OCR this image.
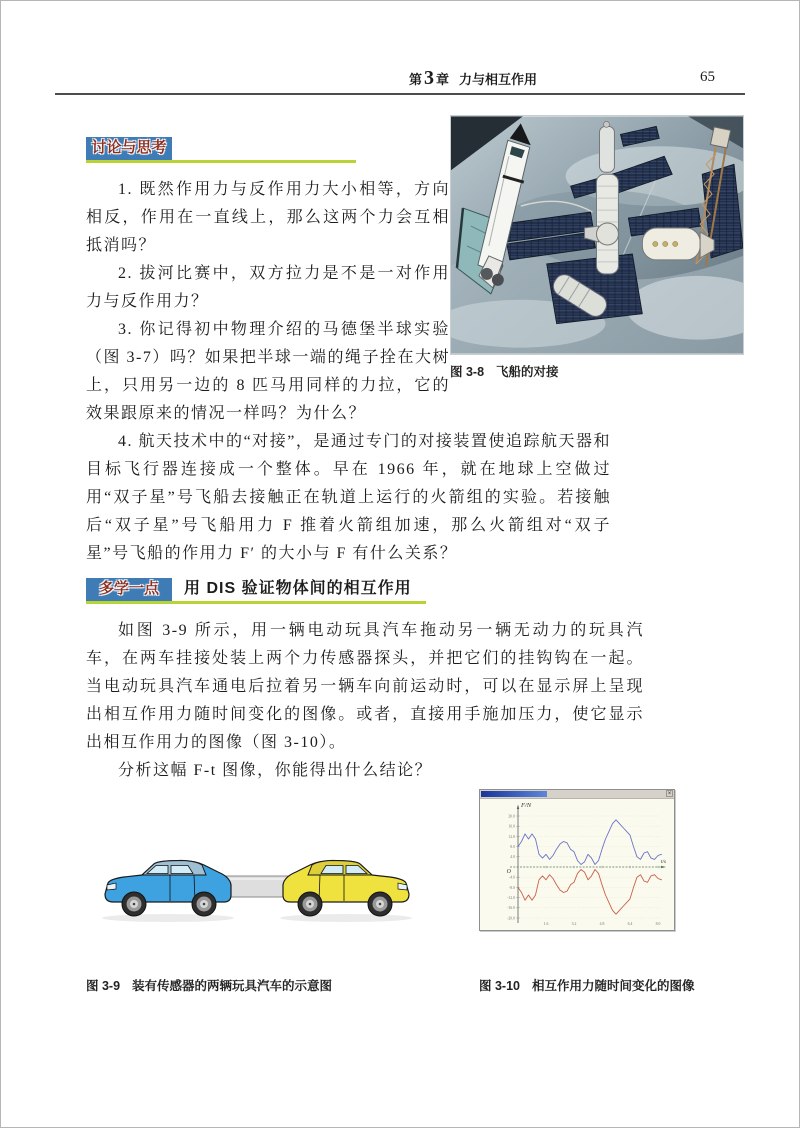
第 3 章 力与相互作用	65
讨论与思考

1. 既然作用力与反作用力大小相等，方向相反，作用在一直线上，那么这两个力会互相抵消吗？

2. 拔河比赛中，双方拉力是不是一对作用力与反作用力？

3. 你记得初中物理介绍的马德堡半球实验（图 3-7）吗？如果把半球一端的绳子拴在大树上，只用另一边的 8 匹马用同样的力拉，它的效果跟原来的情况一样吗？为什么？

图 3-8 飞船的对接

4. 航天技术中的“对接”，是通过专门的对接装置使追踪航天器和目标飞行器连接成一个整体。早在 1966 年，就在地球上空做过用“双子星”号飞船去接触正在轨道上运行的火箭组的实验。若接触后“双子星”号飞船用力 F 推着火箭组加速，那么火箭组对“双子星”号飞船的作用力 F′ 的大小与 F 有什么关系？

多学一点	用 DIS 验证物体间的相互作用

如图 3-9 所示，用一辆电动玩具汽车拖动另一辆无动力的玩具汽车，在两车挂接处装上两个力传感器探头，并把它们的挂钩钩在一起。当电动玩具汽车通电后拉着另一辆车向前运动时，可以在显示屏上呈现出相互作用力随时间变化的图像。或者，直接用手施加压力，使它显示出相互作用力的图像（图 3-10）。

分析这幅 F-t 图像，你能得出什么结论？

×
F/N
t/s
O
20.0
16.0
12.0
8.0
4.0
-4.0
-8.0
-12.0
-16.0
-20.0
1.6	3.2	4.8	6.4	8.0
图 3-9 装有传感器的两辆玩具汽车的示意图	图 3-10 相互作用力随时间变化的图像
